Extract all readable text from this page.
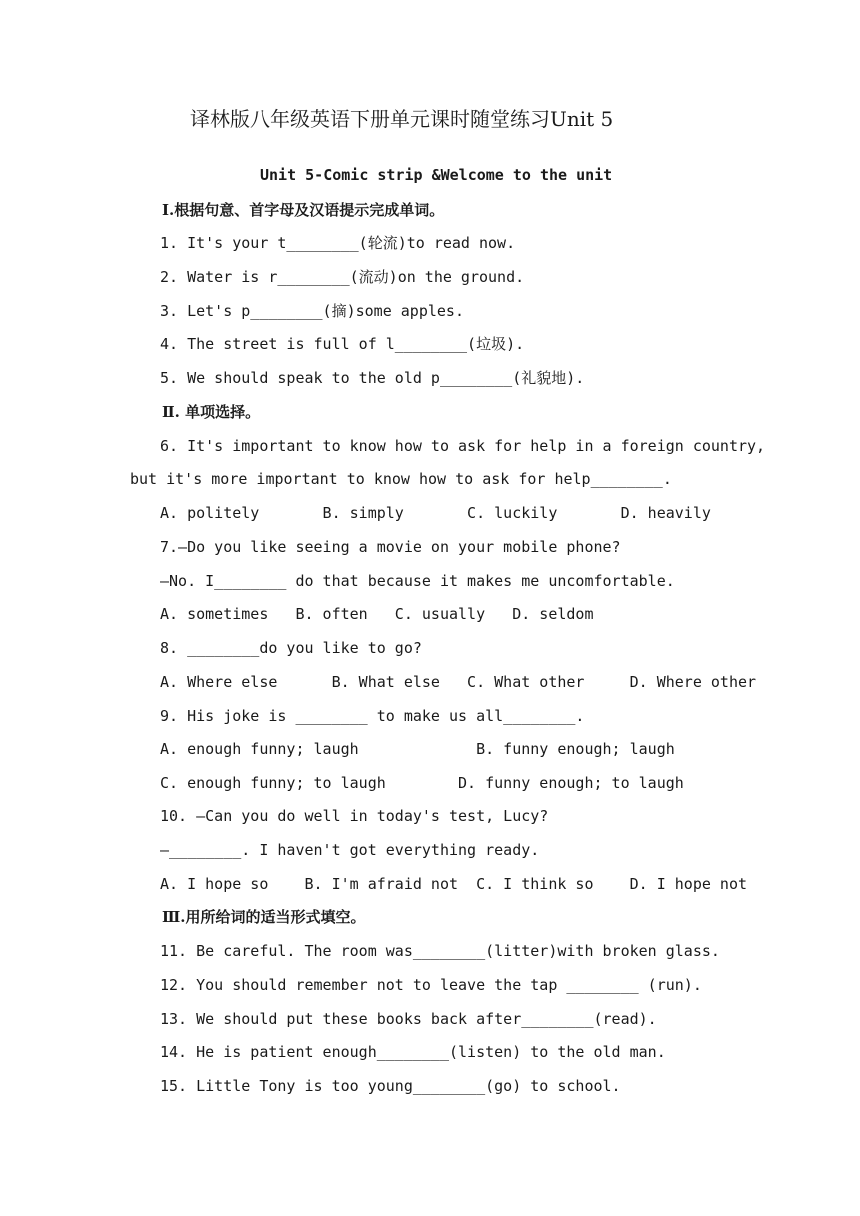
译林版八年级英语下册单元课时随堂练习Unit 5
Unit 5-Comic strip &Welcome to the unit
Ⅰ.根据句意、首字母及汉语提示完成单词。
1. It's your t________(轮流)to read now.
2. Water is r________(流动)on the ground.
3. Let's p________(摘)some apples.
4. The street is full of l________(垃圾).
5. We should speak to the old p________(礼貌地).
Ⅱ. 单项选择。
6. It's important to know how to ask for help in a foreign country,
but it's more important to know how to ask for help________.
A. politely       B. simply       C. luckily       D. heavily
7.—Do you like seeing a movie on your mobile phone?
—No. I________ do that because it makes me uncomfortable.
A. sometimes   B. often   C. usually   D. seldom
8. ________do you like to go?
A. Where else      B. What else   C. What other     D. Where other
9. His joke is ________ to make us all________.
A. enough funny; laugh             B. funny enough; laugh
C. enough funny; to laugh        D. funny enough; to laugh
10. —Can you do well in today's test, Lucy?
—________. I haven't got everything ready.
A. I hope so    B. I'm afraid not  C. I think so    D. I hope not
Ⅲ.用所给词的适当形式填空。
11. Be careful. The room was________(litter)with broken glass.
12. You should remember not to leave the tap ________ (run).
13. We should put these books back after________(read).
14. He is patient enough________(listen) to the old man.
15. Little Tony is too young________(go) to school.
